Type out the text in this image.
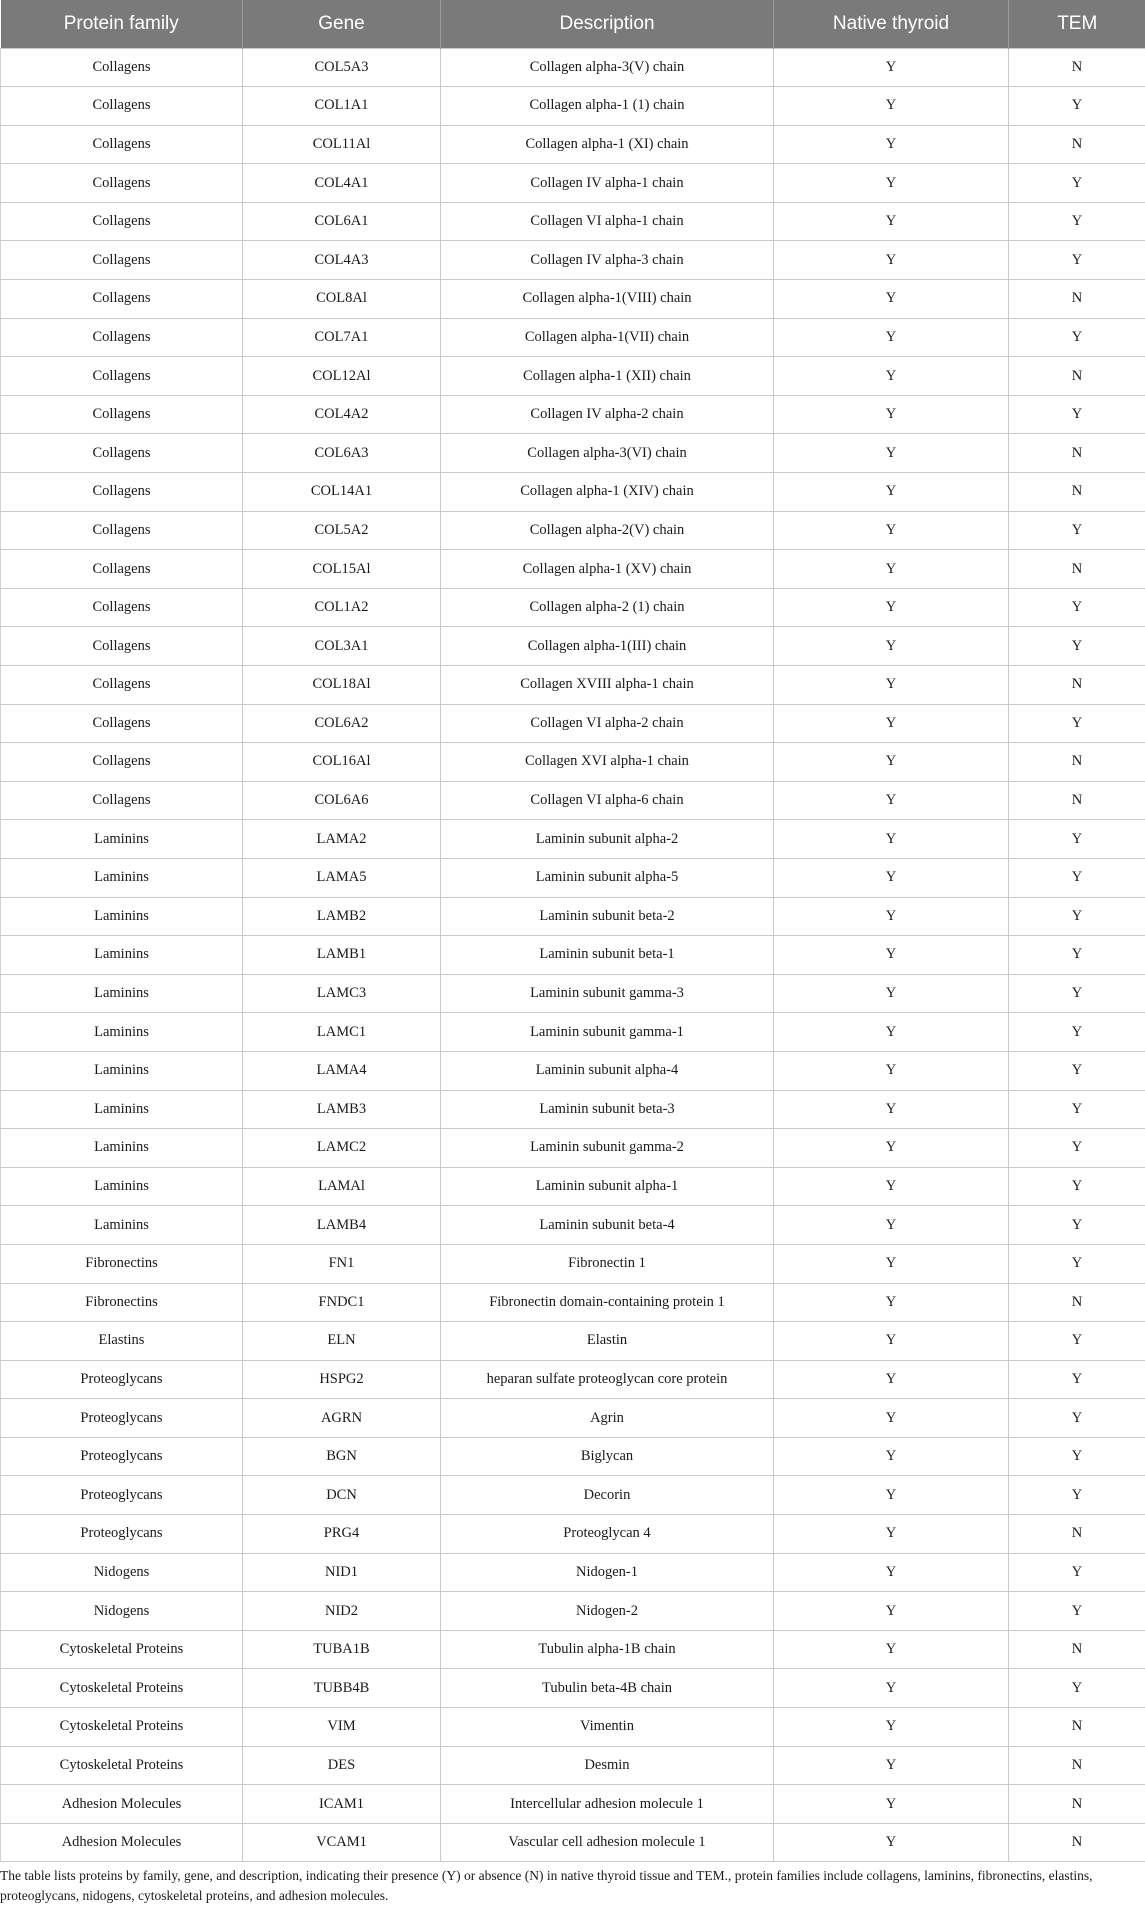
Protein family	Gene	Description	Native thyroid	TEM
Collagens	COL5A3	Collagen alpha-3(V) chain	Y	N
Collagens	COL1A1	Collagen alpha-1 (1) chain	Y	Y
Collagens	COL11Al	Collagen alpha-1 (XI) chain	Y	N
Collagens	COL4A1	Collagen IV alpha-1 chain	Y	Y
Collagens	COL6A1	Collagen VI alpha-1 chain	Y	Y
Collagens	COL4A3	Collagen IV alpha-3 chain	Y	Y
Collagens	COL8Al	Collagen alpha-1(VIII) chain	Y	N
Collagens	COL7A1	Collagen alpha-1(VII) chain	Y	Y
Collagens	COL12Al	Collagen alpha-1 (XII) chain	Y	N
Collagens	COL4A2	Collagen IV alpha-2 chain	Y	Y
Collagens	COL6A3	Collagen alpha-3(VI) chain	Y	N
Collagens	COL14A1	Collagen alpha-1 (XIV) chain	Y	N
Collagens	COL5A2	Collagen alpha-2(V) chain	Y	Y
Collagens	COL15Al	Collagen alpha-1 (XV) chain	Y	N
Collagens	COL1A2	Collagen alpha-2 (1) chain	Y	Y
Collagens	COL3A1	Collagen alpha-1(III) chain	Y	Y
Collagens	COL18Al	Collagen XVIII alpha-1 chain	Y	N
Collagens	COL6A2	Collagen VI alpha-2 chain	Y	Y
Collagens	COL16Al	Collagen XVI alpha-1 chain	Y	N
Collagens	COL6A6	Collagen VI alpha-6 chain	Y	N
Laminins	LAMA2	Laminin subunit alpha-2	Y	Y
Laminins	LAMA5	Laminin subunit alpha-5	Y	Y
Laminins	LAMB2	Laminin subunit beta-2	Y	Y
Laminins	LAMB1	Laminin subunit beta-1	Y	Y
Laminins	LAMC3	Laminin subunit gamma-3	Y	Y
Laminins	LAMC1	Laminin subunit gamma-1	Y	Y
Laminins	LAMA4	Laminin subunit alpha-4	Y	Y
Laminins	LAMB3	Laminin subunit beta-3	Y	Y
Laminins	LAMC2	Laminin subunit gamma-2	Y	Y
Laminins	LAMAl	Laminin subunit alpha-1	Y	Y
Laminins	LAMB4	Laminin subunit beta-4	Y	Y
Fibronectins	FN1	Fibronectin 1	Y	Y
Fibronectins	FNDC1	Fibronectin domain-containing protein 1	Y	N
Elastins	ELN	Elastin	Y	Y
Proteoglycans	HSPG2	heparan sulfate proteoglycan core protein	Y	Y
Proteoglycans	AGRN	Agrin	Y	Y
Proteoglycans	BGN	Biglycan	Y	Y
Proteoglycans	DCN	Decorin	Y	Y
Proteoglycans	PRG4	Proteoglycan 4	Y	N
Nidogens	NID1	Nidogen-1	Y	Y
Nidogens	NID2	Nidogen-2	Y	Y
Cytoskeletal Proteins	TUBA1B	Tubulin alpha-1B chain	Y	N
Cytoskeletal Proteins	TUBB4B	Tubulin beta-4B chain	Y	Y
Cytoskeletal Proteins	VIM	Vimentin	Y	N
Cytoskeletal Proteins	DES	Desmin	Y	N
Adhesion Molecules	ICAM1	Intercellular adhesion molecule 1	Y	N
Adhesion Molecules	VCAM1	Vascular cell adhesion molecule 1	Y	N
The table lists proteins by family, gene, and description, indicating their presence (Y) or absence (N) in native thyroid tissue and TEM., protein families include collagens, laminins, fibronectins, elastins, proteoglycans, nidogens, cytoskeletal proteins, and adhesion molecules.
